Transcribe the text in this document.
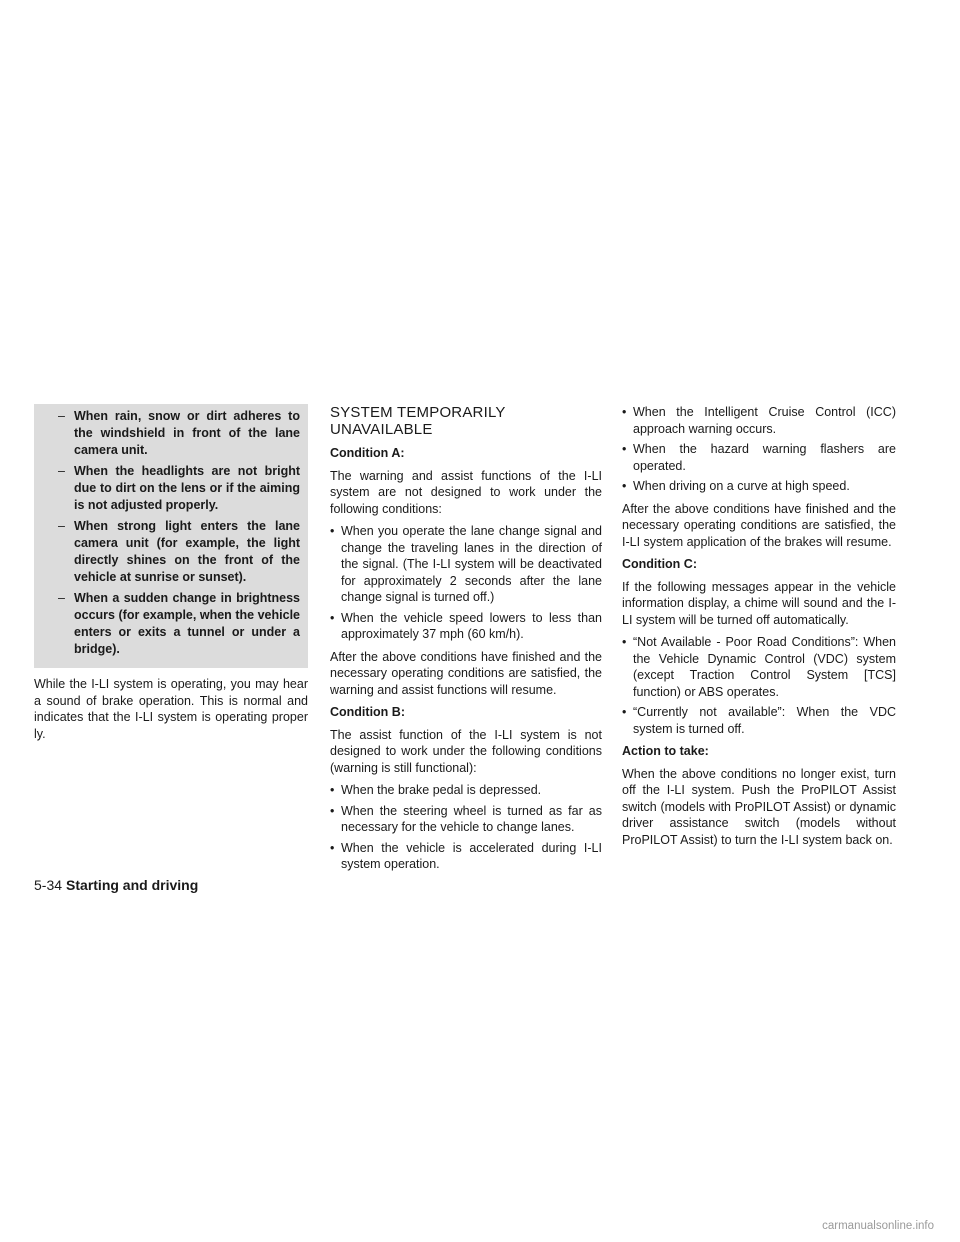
– When rain, snow or dirt adheres to the windshield in front of the lane camera unit.
– When the headlights are not bright due to dirt on the lens or if the aiming is not adjusted properly.
– When strong light enters the lane camera unit (for example, the light directly shines on the front of the vehicle at sunrise or sunset).
– When a sudden change in brightness occurs (for example, when the vehicle enters or exits a tunnel or under a bridge).

While the I-LI system is operating, you may hear a sound of brake operation. This is normal and indicates that the I-LI system is operating proper ly.

SYSTEM TEMPORARILY UNAVAILABLE
Condition A:

The warning and assist functions of the I-LI system are not designed to work under the following conditions:

• When you operate the lane change signal and change the traveling lanes in the direction of the signal. (The I-LI system will be deactivated for approximately 2 seconds after the lane change signal is turned off.)
• When the vehicle speed lowers to less than approximately 37 mph (60 km/h).

After the above conditions have finished and the necessary operating conditions are satisfied, the warning and assist functions will resume.

Condition B:

The assist function of the I-LI system is not designed to work under the following conditions (warning is still functional):

• When the brake pedal is depressed.
• When the steering wheel is turned as far as necessary for the vehicle to change lanes.
• When the vehicle is accelerated during I-LI system operation.
• When the Intelligent Cruise Control (ICC) approach warning occurs.
• When the hazard warning flashers are operated.
• When driving on a curve at high speed.

After the above conditions have finished and the necessary operating conditions are satisfied, the I-LI system application of the brakes will resume.

Condition C:

If the following messages appear in the vehicle information display, a chime will sound and the I-LI system will be turned off automatically.

• “Not Available - Poor Road Conditions”: When the Vehicle Dynamic Control (VDC) system (except Traction Control System [TCS] function) or ABS operates.
• “Currently not available”: When the VDC system is turned off.
Action to take:

When the above conditions no longer exist, turn off the I-LI system. Push the ProPILOT Assist switch (models with ProPILOT Assist) or dynamic driver assistance switch (models without ProPILOT Assist) to turn the I-LI system back on.

5-34 Starting and driving
carmanualsonline.info
